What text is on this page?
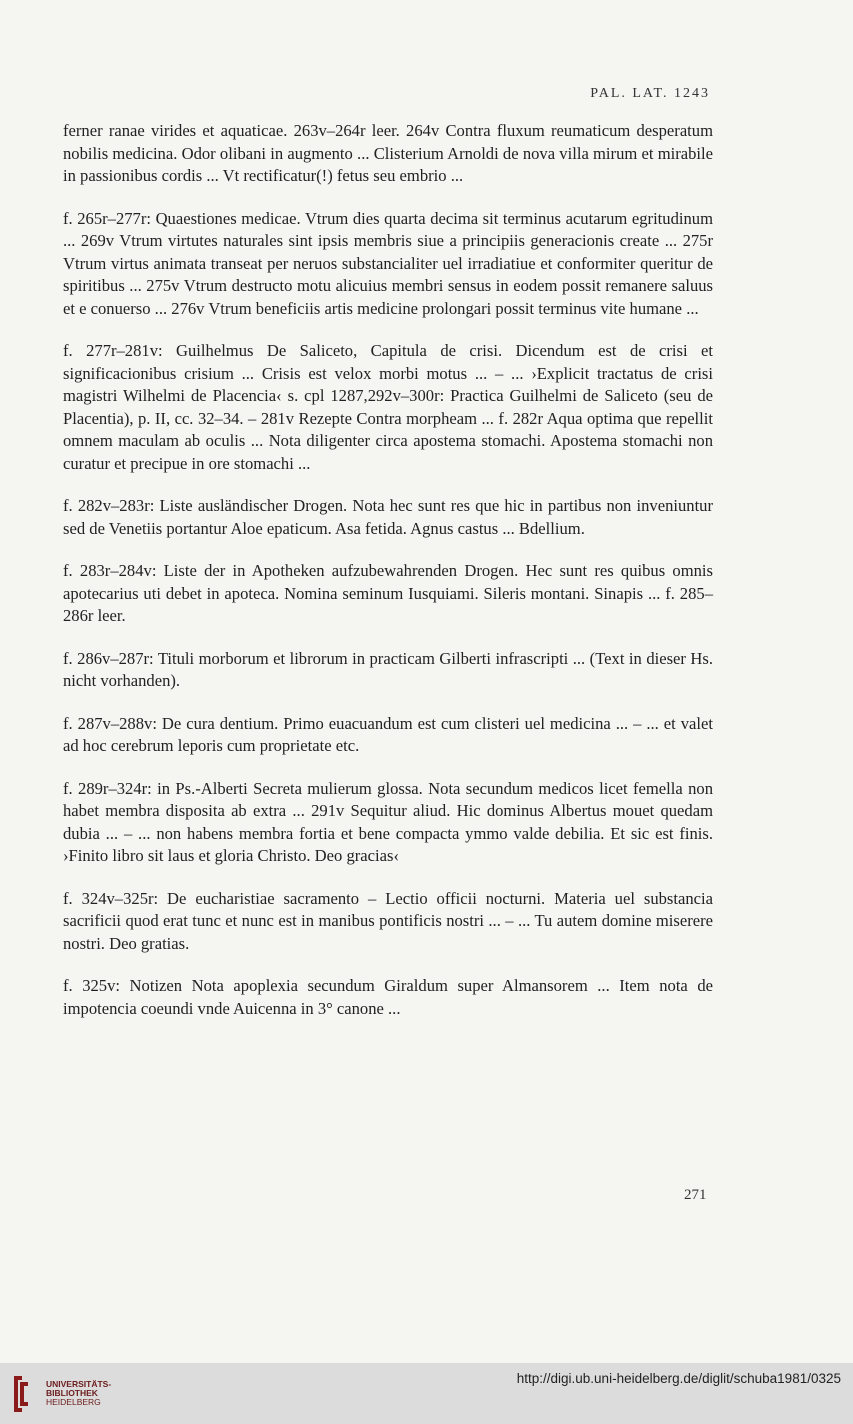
PAL. LAT. 1243

ferner ranae virides et aquaticae. 263v–264r leer. 264v Contra fluxum reumaticum desperatum nobilis medicina. Odor olibani in augmento ... Clisterium Arnoldi de nova villa mirum et mirabile in passionibus cordis ... Vt rectificatur(!) fetus seu embrio ...

f. 265r–277r: Quaestiones medicae. Vtrum dies quarta decima sit terminus acutarum egritudinum ... 269v Vtrum virtutes naturales sint ipsis membris siue a principiis generacionis create ... 275r Vtrum virtus animata transeat per neruos substancialiter uel irradiatiue et conformiter queritur de spiritibus ... 275v Vtrum destructo motu alicuius membri sensus in eodem possit remanere saluus et e conuerso ... 276v Vtrum beneficiis artis medicine prolongari possit terminus vite humane ...

f. 277r–281v: Guilhelmus De Saliceto, Capitula de crisi. Dicendum est de crisi et significacionibus crisium ... Crisis est velox morbi motus ... – ... ›Explicit tractatus de crisi magistri Wilhelmi de Placencia‹ s. cpl 1287,292v–300r: Practica Guilhelmi de Saliceto (seu de Placentia), p. II, cc. 32–34. – 281v Rezepte Contra morpheam ... f. 282r Aqua optima que repellit omnem maculam ab oculis ... Nota diligenter circa apostema stomachi. Apostema stomachi non curatur et precipue in ore stomachi ...

f. 282v–283r: Liste ausländischer Drogen. Nota hec sunt res que hic in partibus non inveniuntur sed de Venetiis portantur Aloe epaticum. Asa fetida. Agnus castus ... Bdellium.

f. 283r–284v: Liste der in Apotheken aufzubewahrenden Drogen. Hec sunt res quibus omnis apotecarius uti debet in apoteca. Nomina seminum Iusquiami. Sileris montani. Sinapis ... f. 285–286r leer.

f. 286v–287r: Tituli morborum et librorum in practicam Gilberti infrascripti ... (Text in dieser Hs. nicht vorhanden).

f. 287v–288v: De cura dentium. Primo euacuandum est cum clisteri uel medicina ... – ... et valet ad hoc cerebrum leporis cum proprietate etc.

f. 289r–324r: in Ps.-Alberti Secreta mulierum glossa. Nota secundum medicos licet femella non habet membra disposita ab extra ... 291v Sequitur aliud. Hic dominus Albertus mouet quedam dubia ... – ... non habens membra fortia et bene compacta ymmo valde debilia. Et sic est finis. ›Finito libro sit laus et gloria Christo. Deo gracias‹

f. 324v–325r: De eucharistiae sacramento – Lectio officii nocturni. Materia uel substancia sacrificii quod erat tunc et nunc est in manibus pontificis nostri ... – ... Tu autem domine miserere nostri. Deo gratias.

f. 325v: Notizen Nota apoplexia secundum Giraldum super Almansorem ... Item nota de impotencia coeundi vnde Auicenna in 3° canone ...

271
UNIVERSITÄTS-
BIBLIOTHEK
HEIDELBERG
http://digi.ub.uni-heidelberg.de/diglit/schuba1981/0325
